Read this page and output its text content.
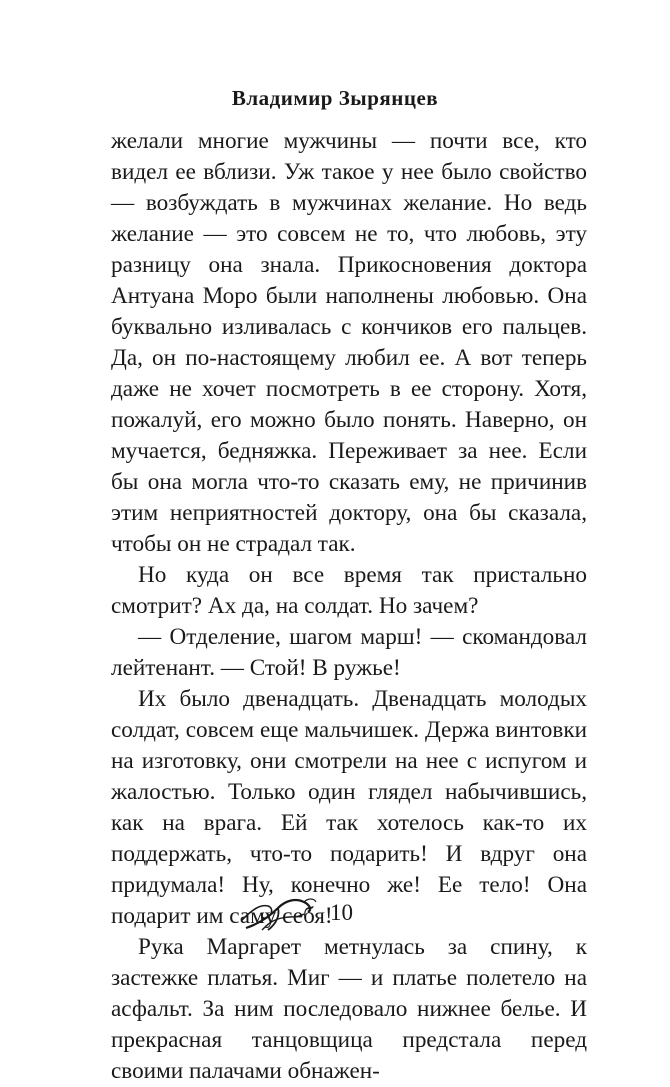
Владимир Зырянцев

желали многие мужчины — почти все, кто видел ее вблизи. Уж такое у нее было свойство — возбуждать в мужчинах желание. Но ведь желание — это совсем не то, что любовь, эту разницу она знала. Прикосновения доктора Антуана Моро были наполнены любовью. Она буквально изливалась с кончиков его пальцев. Да, он по-настоящему любил ее. А вот теперь даже не хочет посмотреть в ее сторону. Хотя, пожалуй, его можно было понять. Наверно, он мучается, бедняжка. Переживает за нее. Если бы она могла что-то сказать ему, не причинив этим неприятностей доктору, она бы сказала, чтобы он не страдал так.

Но куда он все время так пристально смотрит? Ах да, на солдат. Но зачем?

— Отделение, шагом марш! — скомандовал лейтенант. — Стой! В ружье!

Их было двенадцать. Двенадцать молодых солдат, совсем еще мальчишек. Держа винтовки на изготовку, они смотрели на нее с испугом и жалостью. Только один глядел набычившись, как на врага. Ей так хотелось как-то их поддержать, что-то подарить! И вдруг она придумала! Ну, конечно же! Ее тело! Она подарит им саму себя!

Рука Маргарет метнулась за спину, к застежке платья. Миг — и платье полетело на асфальт. За ним последовало нижнее белье. И прекрасная танцовщица предстала перед своими палачами обнажен-

10
